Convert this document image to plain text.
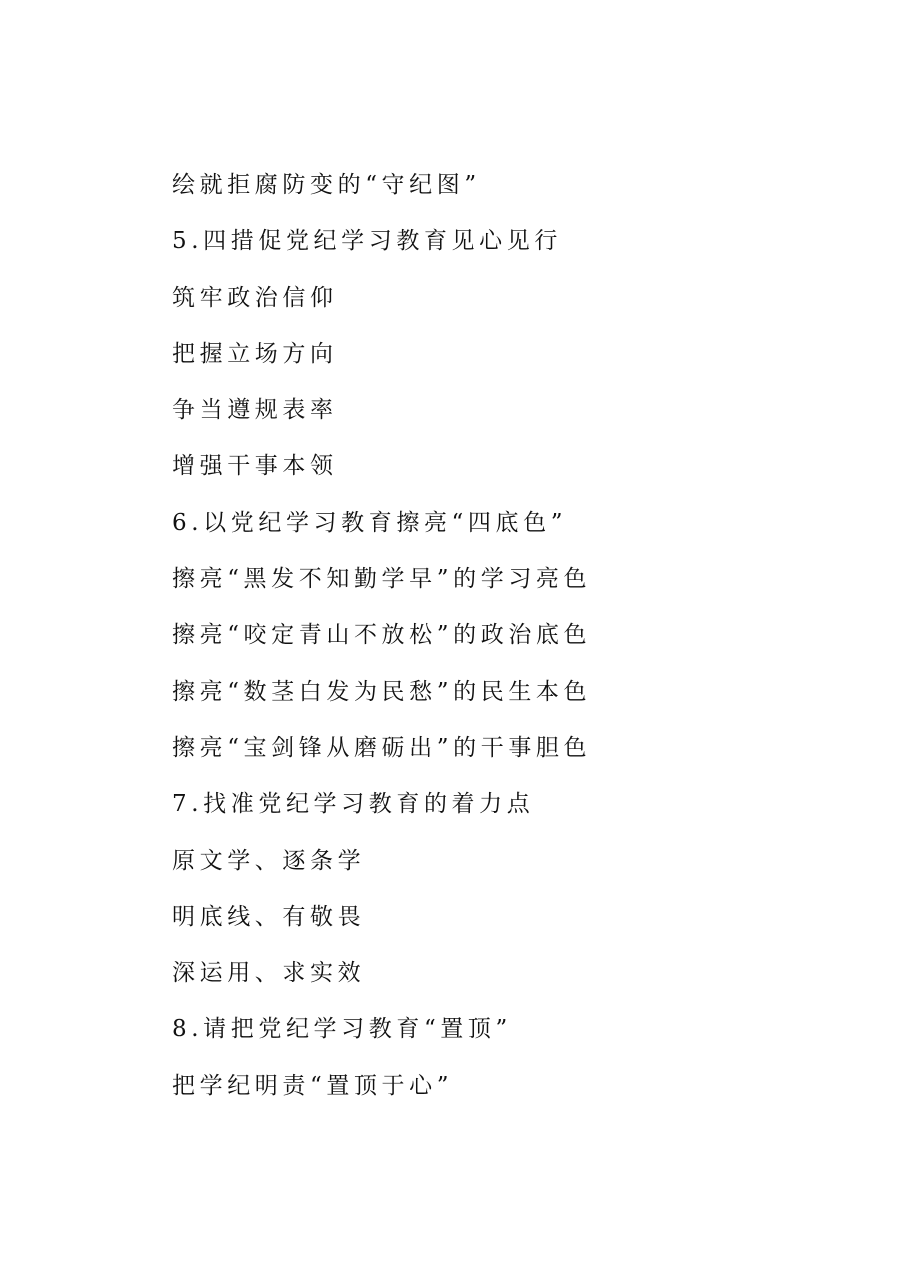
绘就拒腐防变的“守纪图”
5.四措促党纪学习教育见心见行
筑牢政治信仰
把握立场方向
争当遵规表率
增强干事本领
6.以党纪学习教育擦亮“四底色”
擦亮“黑发不知勤学早”的学习亮色
擦亮“咬定青山不放松”的政治底色
擦亮“数茎白发为民愁”的民生本色
擦亮“宝剑锋从磨砺出”的干事胆色
7.找准党纪学习教育的着力点
原文学、逐条学
明底线、有敬畏
深运用、求实效
8.请把党纪学习教育“置顶”
把学纪明责“置顶于心”
